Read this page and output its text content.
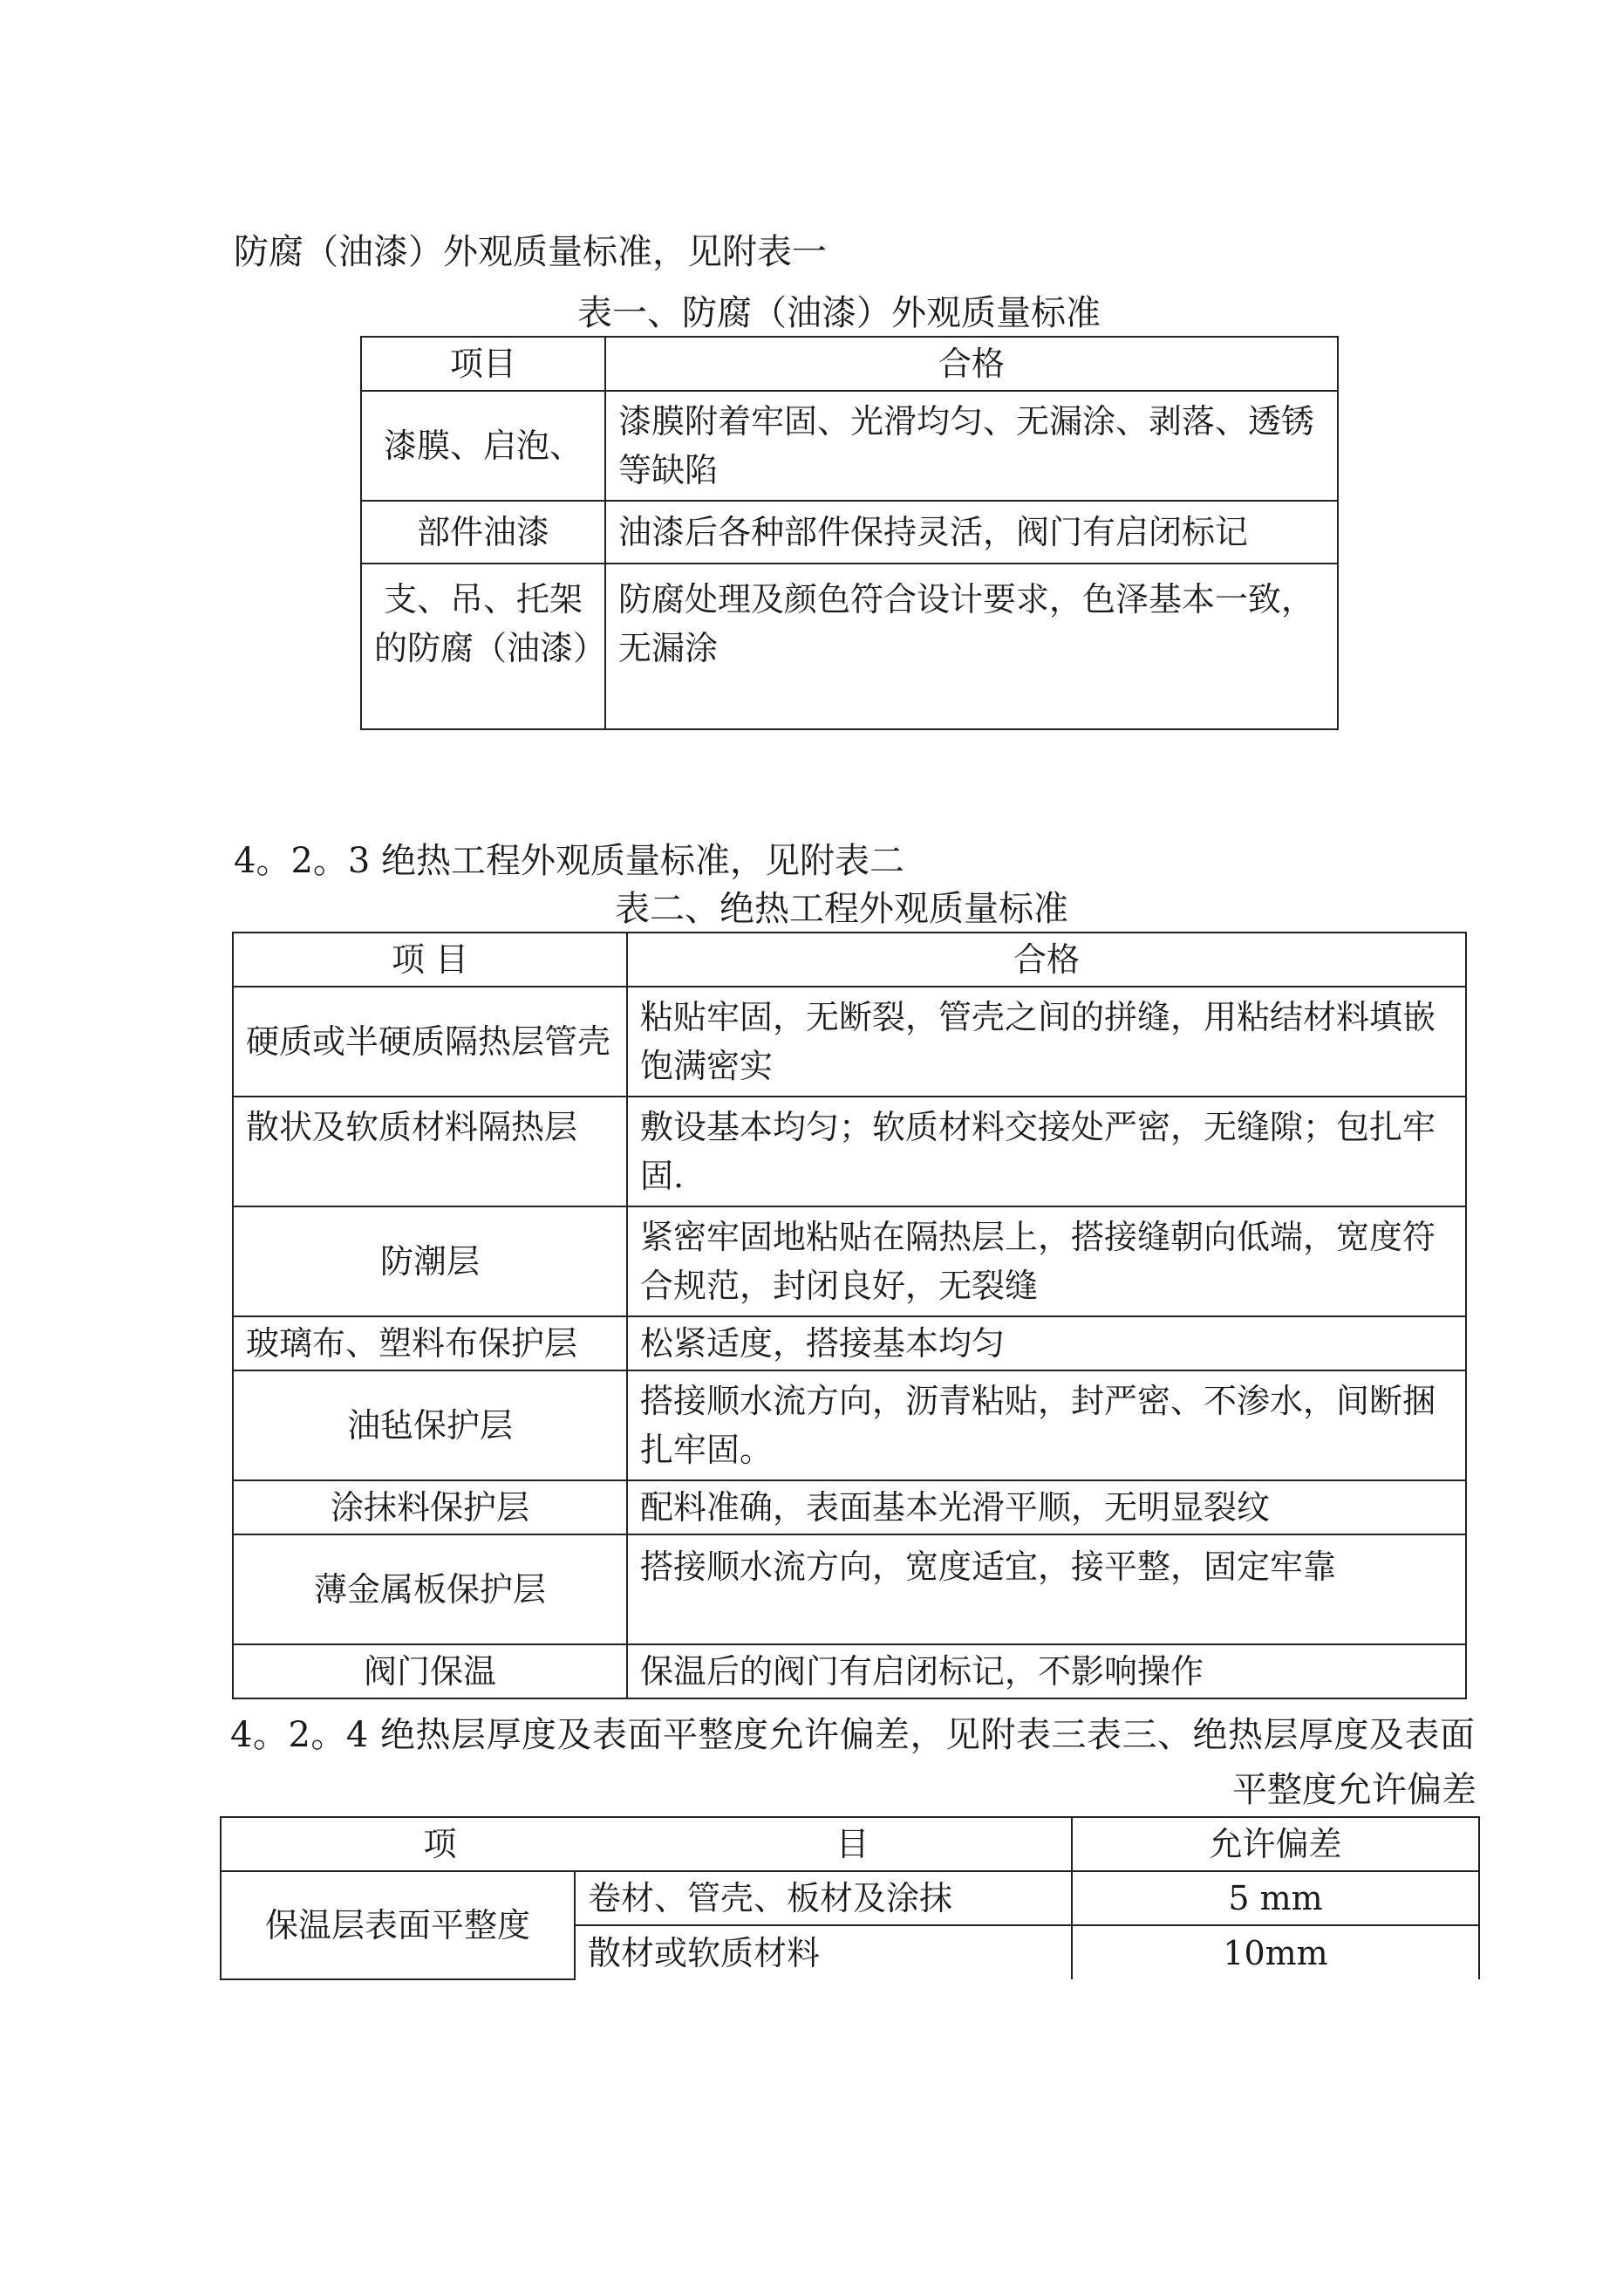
防腐（油漆）外观质量标准，见附表一
表一、防腐（油漆）外观质量标准
项目	合格
漆膜、启泡、	漆膜附着牢固、光滑均匀、无漏涂、剥落、透锈等缺陷
部件油漆	油漆后各种部件保持灵活，阀门有启闭标记
支、吊、托架的防腐（油漆）	防腐处理及颜色符合设计要求，色泽基本一致，无漏涂
4。2。3 绝热工程外观质量标准，见附表二
表二、绝热工程外观质量标准
项 目	合格
硬质或半硬质隔热层管壳	粘贴牢固，无断裂，管壳之间的拼缝，用粘结材料填嵌饱满密实
散状及软质材料隔热层	敷设基本均匀；软质材料交接处严密，无缝隙；包扎牢固.
防潮层	紧密牢固地粘贴在隔热层上，搭接缝朝向低端，宽度符合规范，封闭良好，无裂缝
玻璃布、塑料布保护层	松紧适度，搭接基本均匀
油毡保护层	搭接顺水流方向，沥青粘贴，封严密、不渗水，间断捆扎牢固。
涂抹料保护层	配料准确，表面基本光滑平顺，无明显裂纹
薄金属板保护层	搭接顺水流方向，宽度适宜，接平整，固定牢靠
阀门保温	保温后的阀门有启闭标记，不影响操作
4。2。4 绝热层厚度及表面平整度允许偏差，见附表三表三、绝热层厚度及表面
平整度允许偏差
项 目		允许偏差
保温层表面平整度	卷材、管壳、板材及涂抹	5 mm
	散材或软质材料	10mm
